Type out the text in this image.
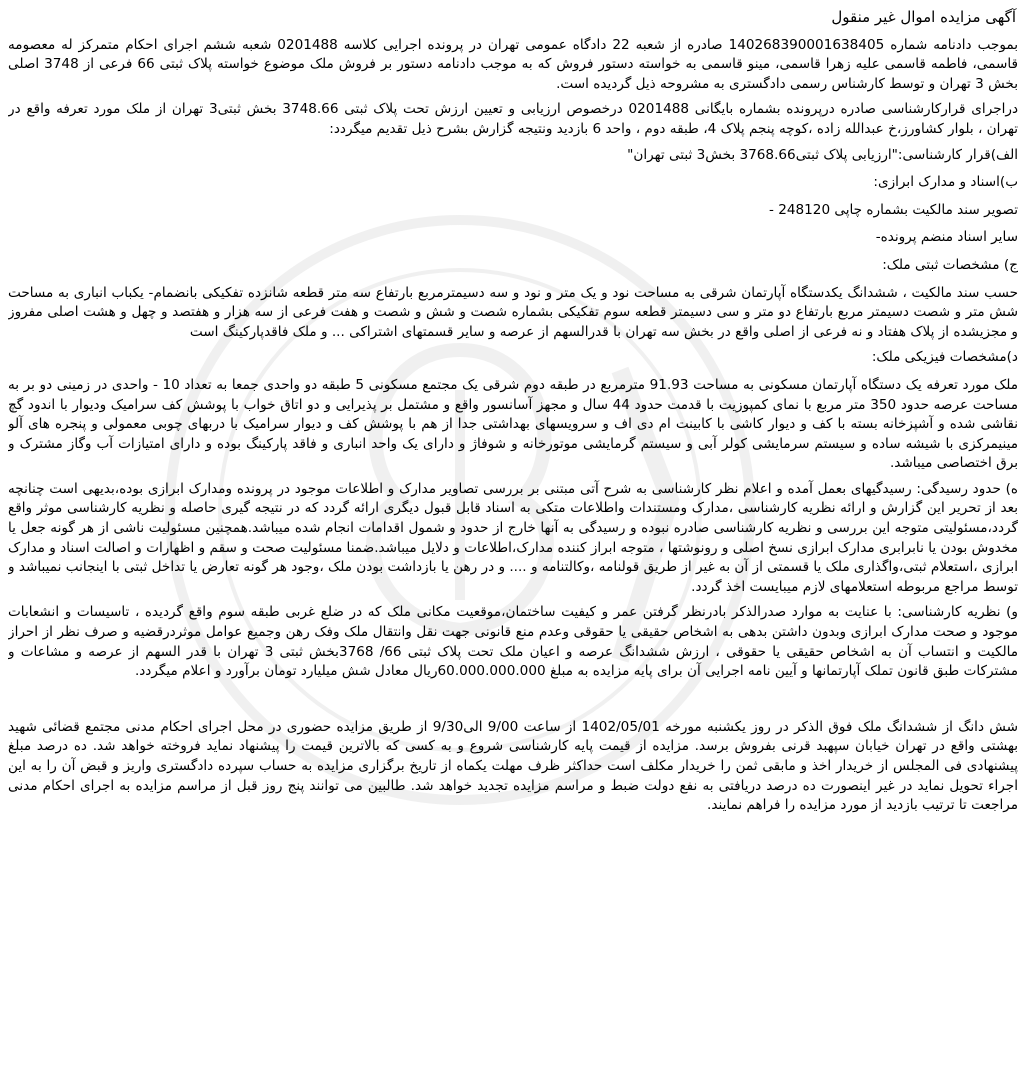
آگهی مزایده اموال غیر منقول
بموجب دادنامه شماره 140268390001638405 صادره از شعبه 22 دادگاه عمومی تهران در پرونده اجرایی کلاسه 0201488 شعبه ششم اجرای احکام متمرکز له معصومه قاسمی، فاطمه قاسمی علیه زهرا قاسمی، مینو قاسمی به خواسته دستور فروش که به موجب دادنامه دستور بر فروش ملک موضوع خواسته پلاک ثبتی 66 فرعی از 3748 اصلی بخش 3 تهران و توسط کارشناس رسمی دادگستری به مشروحه ذیل گردیده است.
دراجرای قرارکارشناسی صادره درپرونده بشماره بایگانی 0201488 درخصوص ارزیابی و تعیین ارزش تحت پلاک ثبتی 3748.66 بخش ثبتی3 تهران از ملک مورد تعرفه واقع در تهران ، بلوار کشاورز،خ عبدالله زاده ،کوچه پنجم پلاک 4، طبقه دوم ، واحد 6 بازدید ونتیجه گزارش بشرح ذیل تقدیم میگردد:
الف)قرار کارشناسی:"ارزیابی پلاک ثبتی3768.66 بخش3 ثبتی تهران"
ب)اسناد و مدارک ابرازی:
تصویر سند مالکیت بشماره چاپی 248120 -
سایر اسناد منضم پرونده-
ج) مشخصات ثبتی ملک:
حسب سند مالکیت ، ششدانگ یکدستگاه آپارتمان شرقی به مساحت نود و یک متر و نود و سه دسیمترمربع بارتفاع سه متر قطعه شانزده تفکیکی بانضمام- یکباب انباری به مساحت شش متر و شصت دسیمتر مربع بارتفاع دو متر و سی دسیمتر قطعه سوم تفکیکی بشماره شصت و شش و شصت و هفت فرعی از سه هزار و هفتصد و چهل و هشت اصلی مفروز و مجزیشده از پلاک هفتاد و نه فرعی از اصلی واقع در بخش سه تهران با قدرالسهم از عرصه و سایر قسمتهای اشتراکی ... و ملک فاقدپارکینگ است
د)مشخصات فیزیکی ملک:
ملک مورد تعرفه یک دستگاه آپارتمان مسکونی به مساحت 91.93 مترمربع در طبقه دوم شرقی یک مجتمع مسکونی 5 طبقه دو واحدی جمعا به تعداد 10 - واحدی در زمینی دو بر به مساحت عرصه حدود 350 متر مربع با نمای کمپوزیت با قدمت حدود 44 سال و مجهز آسانسور واقع و مشتمل بر پذیرایی و دو اتاق خواب با پوشش کف سرامیک ودیوار با اندود گچ نقاشی شده و آشپزخانه بسته با کف و دیوار کاشی با کابینت ام دی اف و سرویسهای بهداشتی جدا از هم با پوشش کف و دیوار سرامیک با دربهای چوبی معمولی و پنجره های آلو مینیمرکزی با شیشه ساده و سیستم سرمایشی کولر آبی و سیستم گرمایشی موتورخانه و شوفاژ و دارای یک واحد انباری و فاقد پارکینگ بوده و دارای امتیازات آب وگاز مشترک و برق اختصاصی میباشد.
ه) حدود رسیدگی: رسیدگیهای بعمل آمده و اعلام نظر کارشناسی به شرح آتی مبتنی بر بررسی تصاویر مدارک و اطلاعات موجود در پرونده ومدارک ابرازی بوده،بدیهی است چنانچه بعد از تحریر این گزارش و ارائه نظریه کارشناسی ،مدارک ومستندات واطلاعات متکی به اسناد قابل قبول دیگری ارائه گردد که در نتیجه گیری حاصله و نظریه کارشناسی موثر واقع گردد،مسئولیتی متوجه این بررسی و نظریه کارشناسی صادره نبوده و رسیدگی به آنها خارج از حدود و شمول اقدامات انجام شده میباشد.همچنین مسئولیت ناشی از هر گونه جعل یا مخدوش بودن یا نابرابری مدارک ابرازی نسخ اصلی و رونوشتها ، متوجه ابراز کننده مدارک،اطلاعات و دلایل میباشد.ضمنا مسئولیت صحت و سقم و اظهارات و اصالت اسناد و مدارک ابرازی ،استعلام ثبتی،واگذاری ملک یا قسمتی از آن به غیر از طریق قولنامه ،وکالتنامه و .... و در رهن یا بازداشت بودن ملک ،وجود هر گونه تعارض یا تداخل ثبتی با اینجانب نمیباشد و توسط مراجع مربوطه استعلامهای لازم میبایست اخذ گردد.
و) نظریه کارشناسی: با عنایت به موارد صدرالذکر بادرنظر گرفتن عمر و کیفیت ساختمان،موقعیت مکانی ملک که در ضلع غربی طبقه سوم واقع گردیده ، تاسیسات و انشعابات موجود و صحت مدارک ابرازی وبدون داشتن بدهی به اشخاص حقیقی یا حقوقی وعدم منع قانونی جهت نقل وانتقال ملک وفک رهن وجمیع عوامل موثردرقضیه و صرف نظر از احراز مالکیت و انتساب آن به اشخاص حقیقی یا حقوقی ، ارزش ششدانگ عرصه و اعیان ملک تحت پلاک ثبتی 66/ 3768بخش ثبتی 3 تهران با قدر السهم از عرصه و مشاعات و مشترکات طبق قانون تملک آپارتمانها و آیین نامه اجرایی آن برای پایه مزایده به مبلغ 60.000.000.000ریال معادل شش میلیارد تومان برآورد و اعلام میگردد.
شش دانگ از ششدانگ ملک فوق الذکر در روز یکشنبه مورخه 1402/05/01 از ساعت 9/00 الی9/30 از طریق مزایده حضوری در محل اجرای احکام مدنی مجتمع قضائی شهید بهشتی واقع در تهران خیابان سپهبد قرنی بفروش برسد. مزایده از قیمت پایه کارشناسی شروع و به کسی که بالاترین قیمت را پیشنهاد نماید فروخته خواهد شد. ده درصد مبلغ پیشنهادی فی المجلس از خریدار اخذ و مابقی ثمن را خریدار مکلف است حداکثر ظرف مهلت یکماه از تاریخ برگزاری مزایده به حساب سپرده دادگستری واریز و قبض آن را به این اجراء تحویل نماید در غیر اینصورت ده درصد دریافتی به نفع دولت ضبط و مراسم مزایده تجدید خواهد شد. طالبین می توانند پنج روز قبل از مراسم مزایده به اجرای احکام مدنی مراجعت تا ترتیب بازدید از مورد مزایده را فراهم نمایند.
